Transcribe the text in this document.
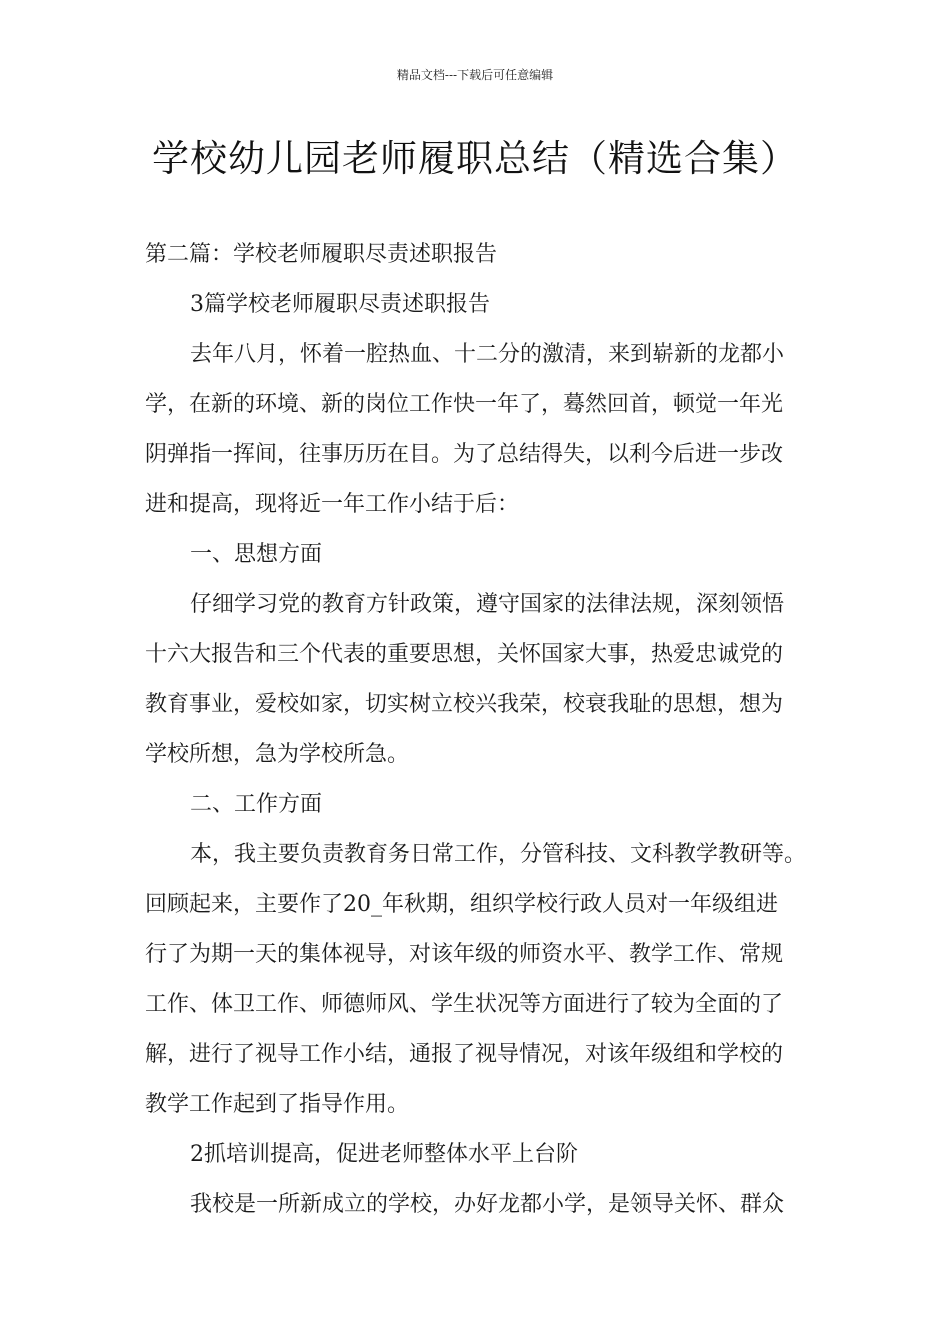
精品文档---下载后可任意编辑
学校幼儿园老师履职总结（精选合集）
第二篇：学校老师履职尽责述职报告
3篇学校老师履职尽责述职报告
去年八月，怀着一腔热血、十二分的激清，来到崭新的龙都小
学，在新的环境、新的岗位工作快一年了，蓦然回首，顿觉一年光
阴弹指一挥间，往事历历在目。为了总结得失，以利今后进一步改
进和提高，现将近一年工作小结于后：
一、思想方面
仔细学习党的教育方针政策，遵守国家的法律法规，深刻领悟
十六大报告和三个代表的重要思想，关怀国家大事，热爱忠诚党的
教育事业，爱校如家，切实树立校兴我荣，校衰我耻的思想，想为
学校所想，急为学校所急。
二、工作方面
本，我主要负责教育务日常工作，分管科技、文科教学教研等。
回顾起来，主要作了20_年秋期，组织学校行政人员对一年级组进
行了为期一天的集体视导，对该年级的师资水平、教学工作、常规
工作、体卫工作、师德师风、学生状况等方面进行了较为全面的了
解，进行了视导工作小结，通报了视导情况，对该年级组和学校的
教学工作起到了指导作用。
2抓培训提高，促进老师整体水平上台阶
我校是一所新成立的学校，办好龙都小学，是领导关怀、群众
